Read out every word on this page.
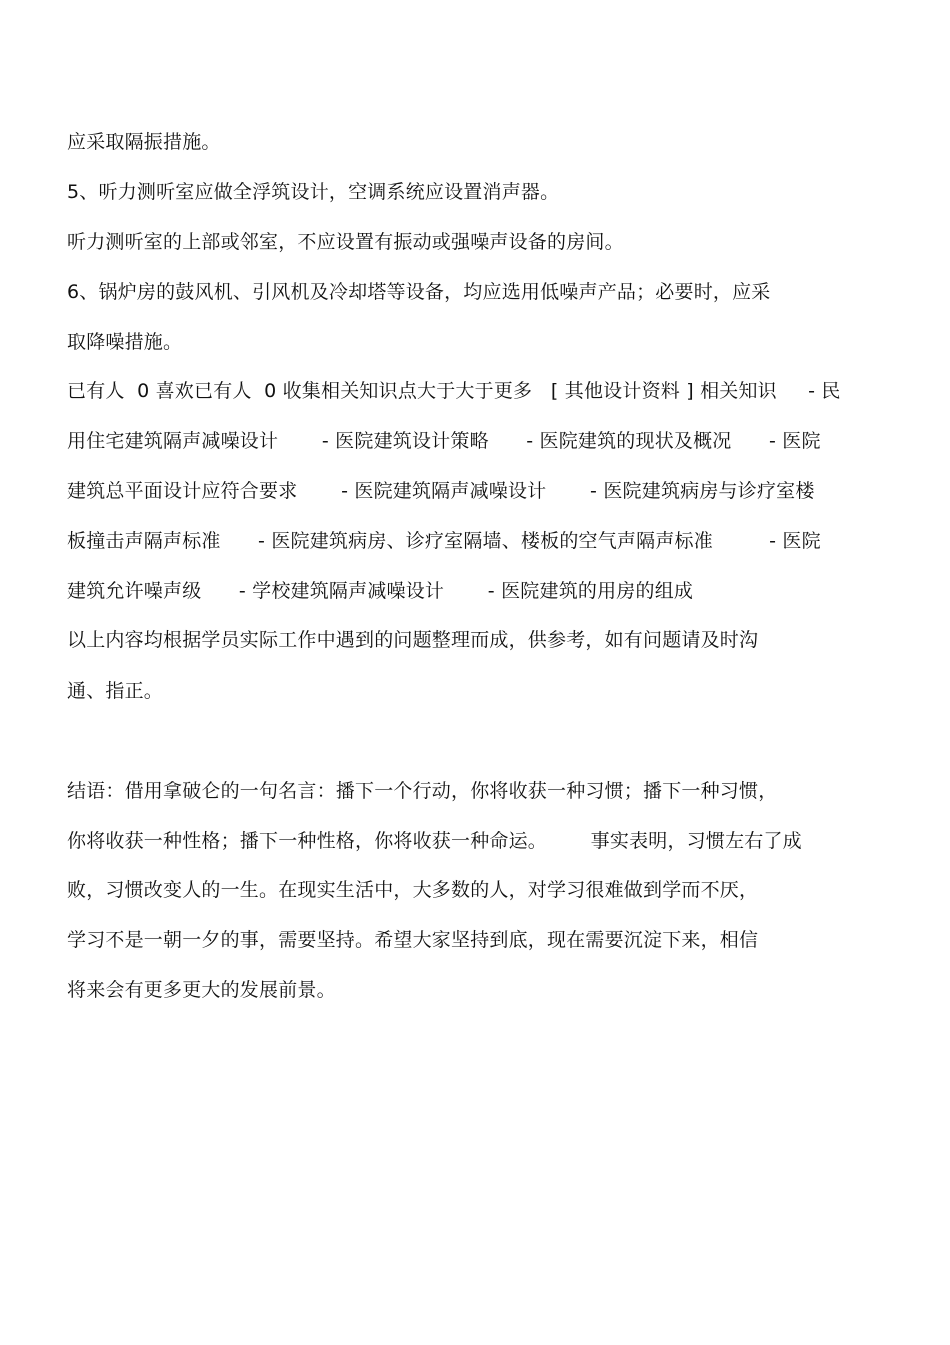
应采取隔振措施。
5、听力测听室应做全浮筑设计，空调系统应设置消声器。
听力测听室的上部或邻室，不应设置有振动或强噪声设备的房间。
6、锅炉房的鼓风机、引风机及冷却塔等设备，均应选用低噪声产品；必要时，应采
取降噪措施。
已有人  0 喜欢已有人  0 收集相关知识点大于大于更多   [ 其他设计资料 ] 相关知识     - 民
用住宅建筑隔声减噪设计       - 医院建筑设计策略      - 医院建筑的现状及概况      - 医院
建筑总平面设计应符合要求       - 医院建筑隔声减噪设计       - 医院建筑病房与诊疗室楼
板撞击声隔声标准      - 医院建筑病房、诊疗室隔墙、楼板的空气声隔声标准         - 医院
建筑允许噪声级      - 学校建筑隔声减噪设计       - 医院建筑的用房的组成
以上内容均根据学员实际工作中遇到的问题整理而成，供参考，如有问题请及时沟
通、指正。
结语：借用拿破仑的一句名言：播下一个行动，你将收获一种习惯；播下一种习惯，
你将收获一种性格；播下一种性格，你将收获一种命运。       事实表明，习惯左右了成
败，习惯改变人的一生。在现实生活中，大多数的人，对学习很难做到学而不厌，
学习不是一朝一夕的事，需要坚持。希望大家坚持到底，现在需要沉淀下来，相信
将来会有更多更大的发展前景。
